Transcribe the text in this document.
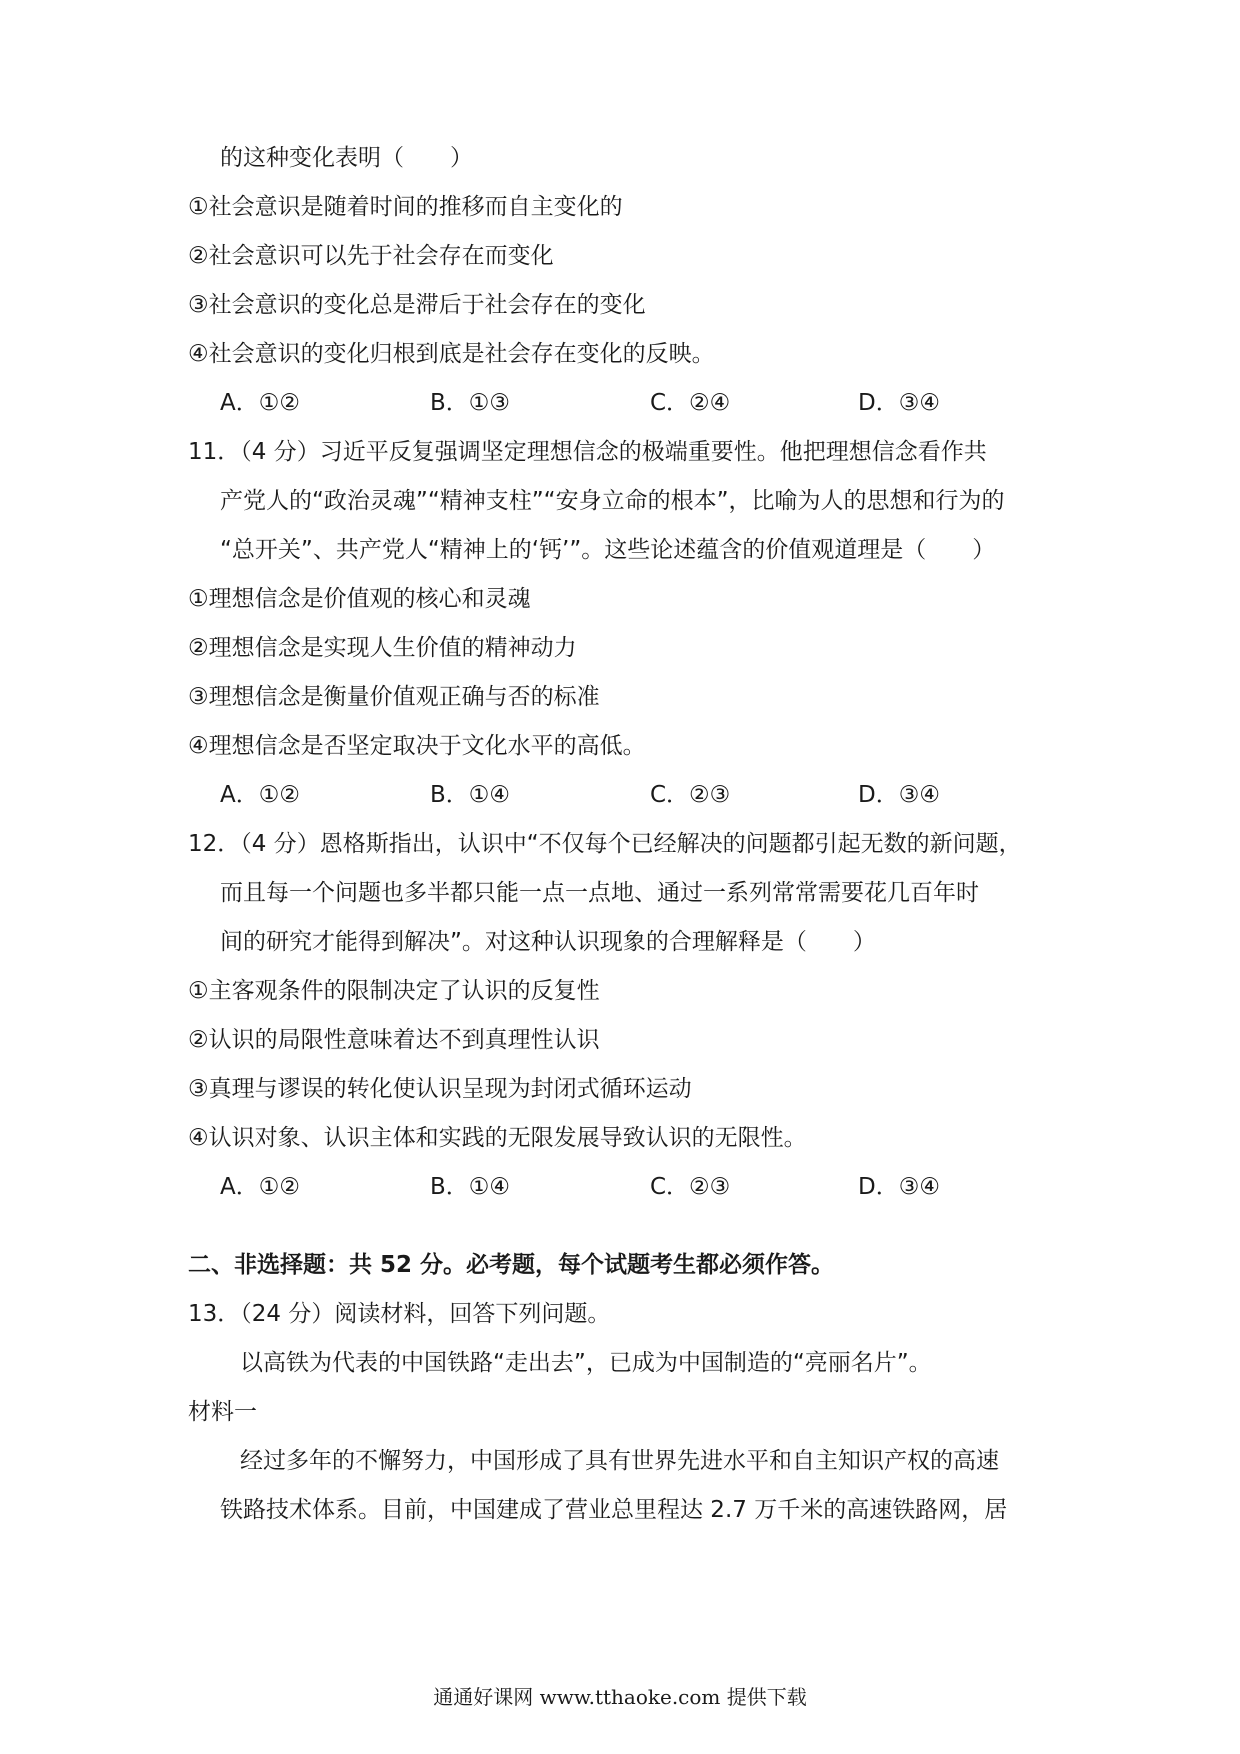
的这种变化表明（　　）
①社会意识是随着时间的推移而自主变化的
②社会意识可以先于社会存在而变化
③社会意识的变化总是滞后于社会存在的变化
④社会意识的变化归根到底是社会存在变化的反映。
A．①②	B．①③	C．②④	D．③④
11．（4 分）习近平反复强调坚定理想信念的极端重要性。他把理想信念看作共
产党人的“政治灵魂”“精神支柱”“安身立命的根本”，比喻为人的思想和行为的
“总开关”、共产党人“精神上的‘钙’”。这些论述蕴含的价值观道理是（　　）
①理想信念是价值观的核心和灵魂
②理想信念是实现人生价值的精神动力
③理想信念是衡量价值观正确与否的标准
④理想信念是否坚定取决于文化水平的高低。
A．①②	B．①④	C．②③	D．③④
12．（4 分）恩格斯指出，认识中“不仅每个已经解决的问题都引起无数的新问题，
而且每一个问题也多半都只能一点一点地、通过一系列常常需要花几百年时
间的研究才能得到解决”。对这种认识现象的合理解释是（　　）
①主客观条件的限制决定了认识的反复性
②认识的局限性意味着达不到真理性认识
③真理与谬误的转化使认识呈现为封闭式循环运动
④认识对象、认识主体和实践的无限发展导致认识的无限性。
A．①②	B．①④	C．②③	D．③④
二、非选择题：共 52 分。必考题，每个试题考生都必须作答。
13．（24 分）阅读材料，回答下列问题。
以高铁为代表的中国铁路“走出去”，已成为中国制造的“亮丽名片”。
材料一
经过多年的不懈努力，中国形成了具有世界先进水平和自主知识产权的高速
铁路技术体系。目前，中国建成了营业总里程达 2.7 万千米的高速铁路网，居
通通好课网 www.tthaoke.com 提供下载
